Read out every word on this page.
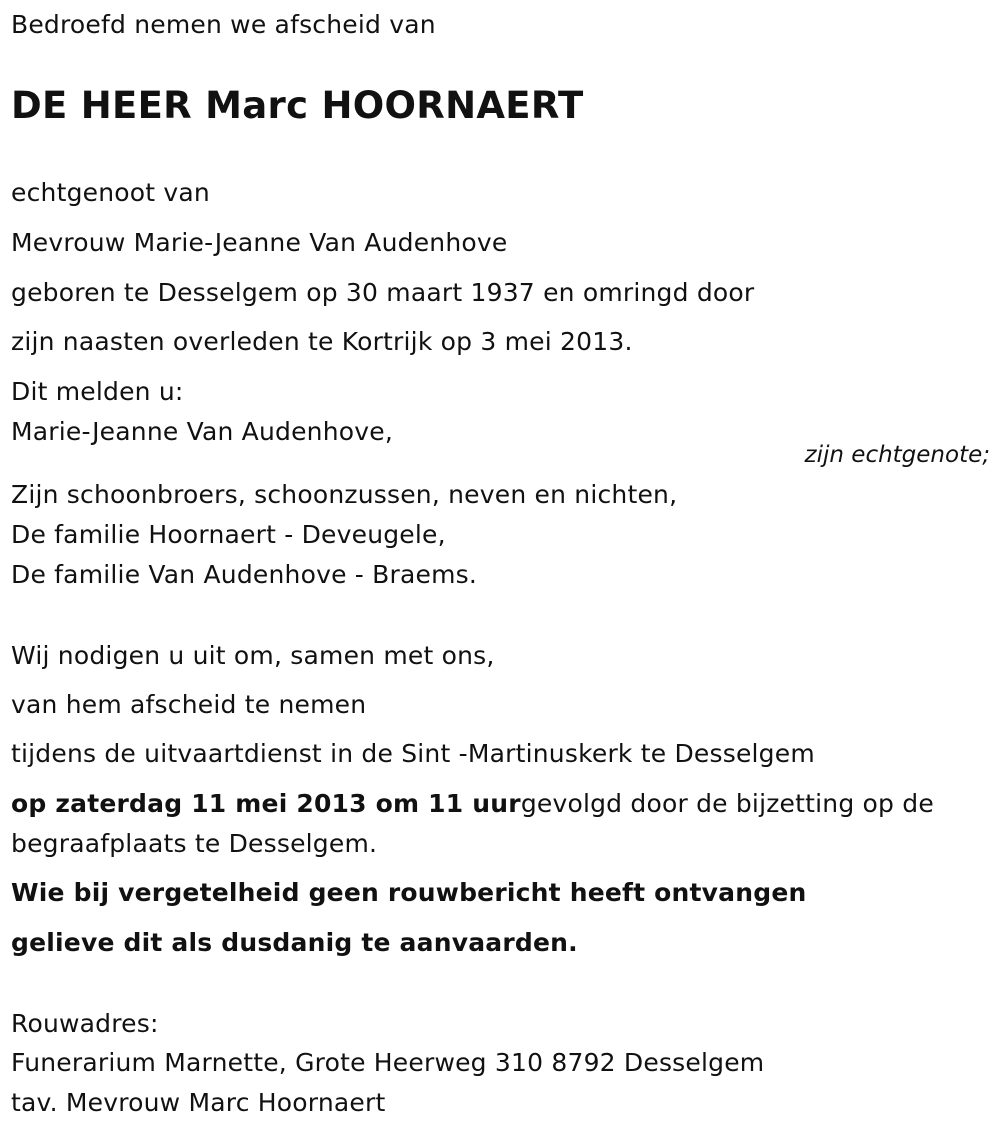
Bedroefd nemen we afscheid van
DE HEER Marc HOORNAERT
echtgenoot van
Mevrouw Marie-Jeanne Van Audenhove
geboren te Desselgem op 30 maart 1937 en omringd door
zijn naasten overleden te Kortrijk op 3 mei 2013.
Dit melden u:
Marie-Jeanne Van Audenhove,
zijn echtgenote;
Zijn schoonbroers, schoonzussen, neven en nichten,
De familie Hoornaert - Deveugele,
De familie Van Audenhove - Braems.
Wij nodigen u uit om, samen met ons,
van hem afscheid te nemen
tijdens de uitvaartdienst in de Sint -Martinuskerk te Desselgem
op zaterdag 11 mei 2013 om 11 uurgevolgd door de bijzetting op de
begraafplaats te Desselgem.
Wie bij vergetelheid geen rouwbericht heeft ontvangen
gelieve dit als dusdanig te aanvaarden.
Rouwadres:
Funerarium Marnette, Grote Heerweg 310 8792 Desselgem
tav. Mevrouw Marc Hoornaert
